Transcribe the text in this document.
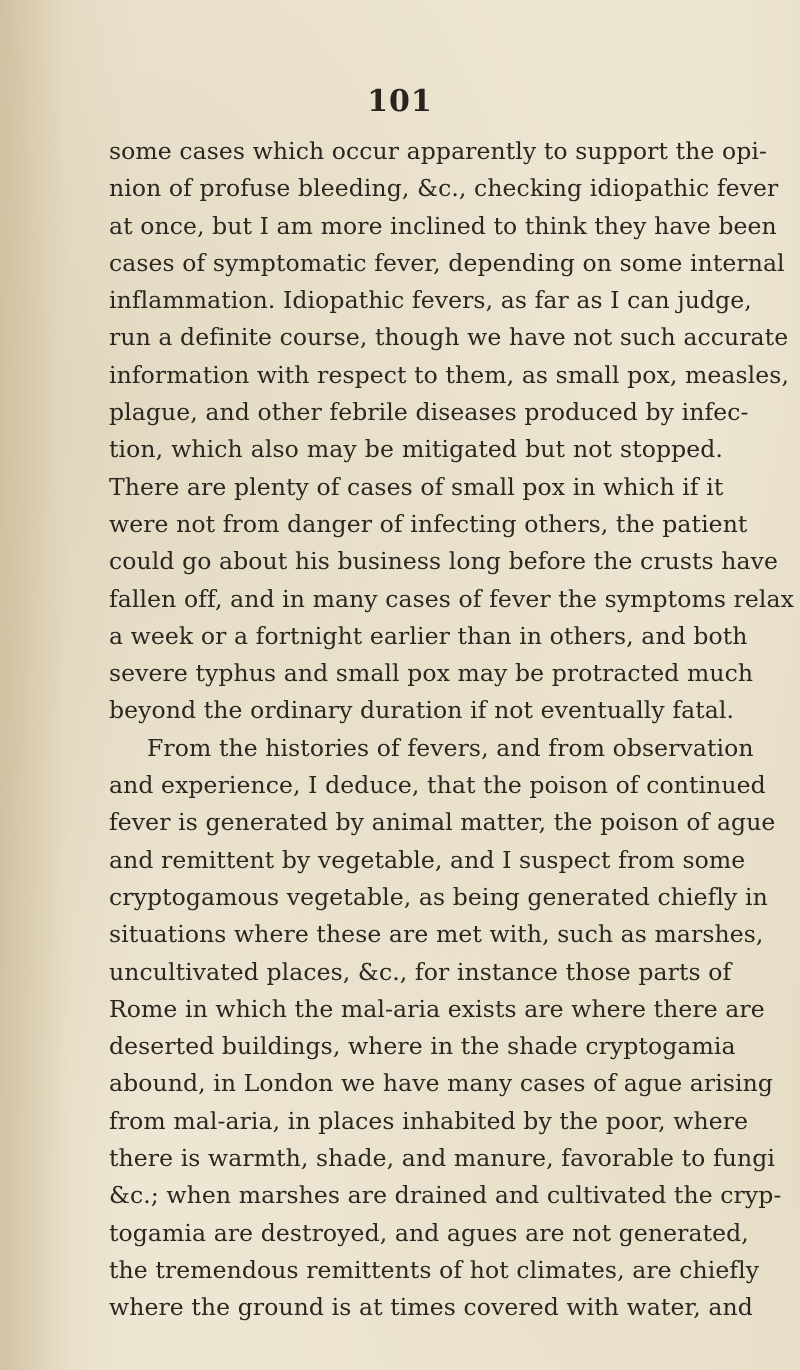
101
some cases which occur apparently to support the opi-
nion of profuse bleeding, &c., checking idiopathic fever
at once, but I am more inclined to think they have been
cases of symptomatic fever, depending on some internal
inflammation. Idiopathic fevers, as far as I can judge,
run a definite course, though we have not such accurate
information with respect to them, as small pox, measles,
plague, and other febrile diseases produced by infec-
tion, which also may be mitigated but not stopped.
There are plenty of cases of small pox in which if it
were not from danger of infecting others, the patient
could go about his business long before the crusts have
fallen off, and in many cases of fever the symptoms relax
a week or a fortnight earlier than in others, and both
severe typhus and small pox may be protracted much
beyond the ordinary duration if not eventually fatal.
From the histories of fevers, and from observation
and experience, I deduce, that the poison of continued
fever is generated by animal matter, the poison of ague
and remittent by vegetable, and I suspect from some
cryptogamous vegetable, as being generated chiefly in
situations where these are met with, such as marshes,
uncultivated places, &c., for instance those parts of
Rome in which the mal-aria exists are where there are
deserted buildings, where in the shade cryptogamia
abound, in London we have many cases of ague arising
from mal-aria, in places inhabited by the poor, where
there is warmth, shade, and manure, favorable to fungi
&c.; when marshes are drained and cultivated the cryp-
togamia are destroyed, and agues are not generated,
the tremendous remittents of hot climates, are chiefly
where the ground is at times covered with water, and
